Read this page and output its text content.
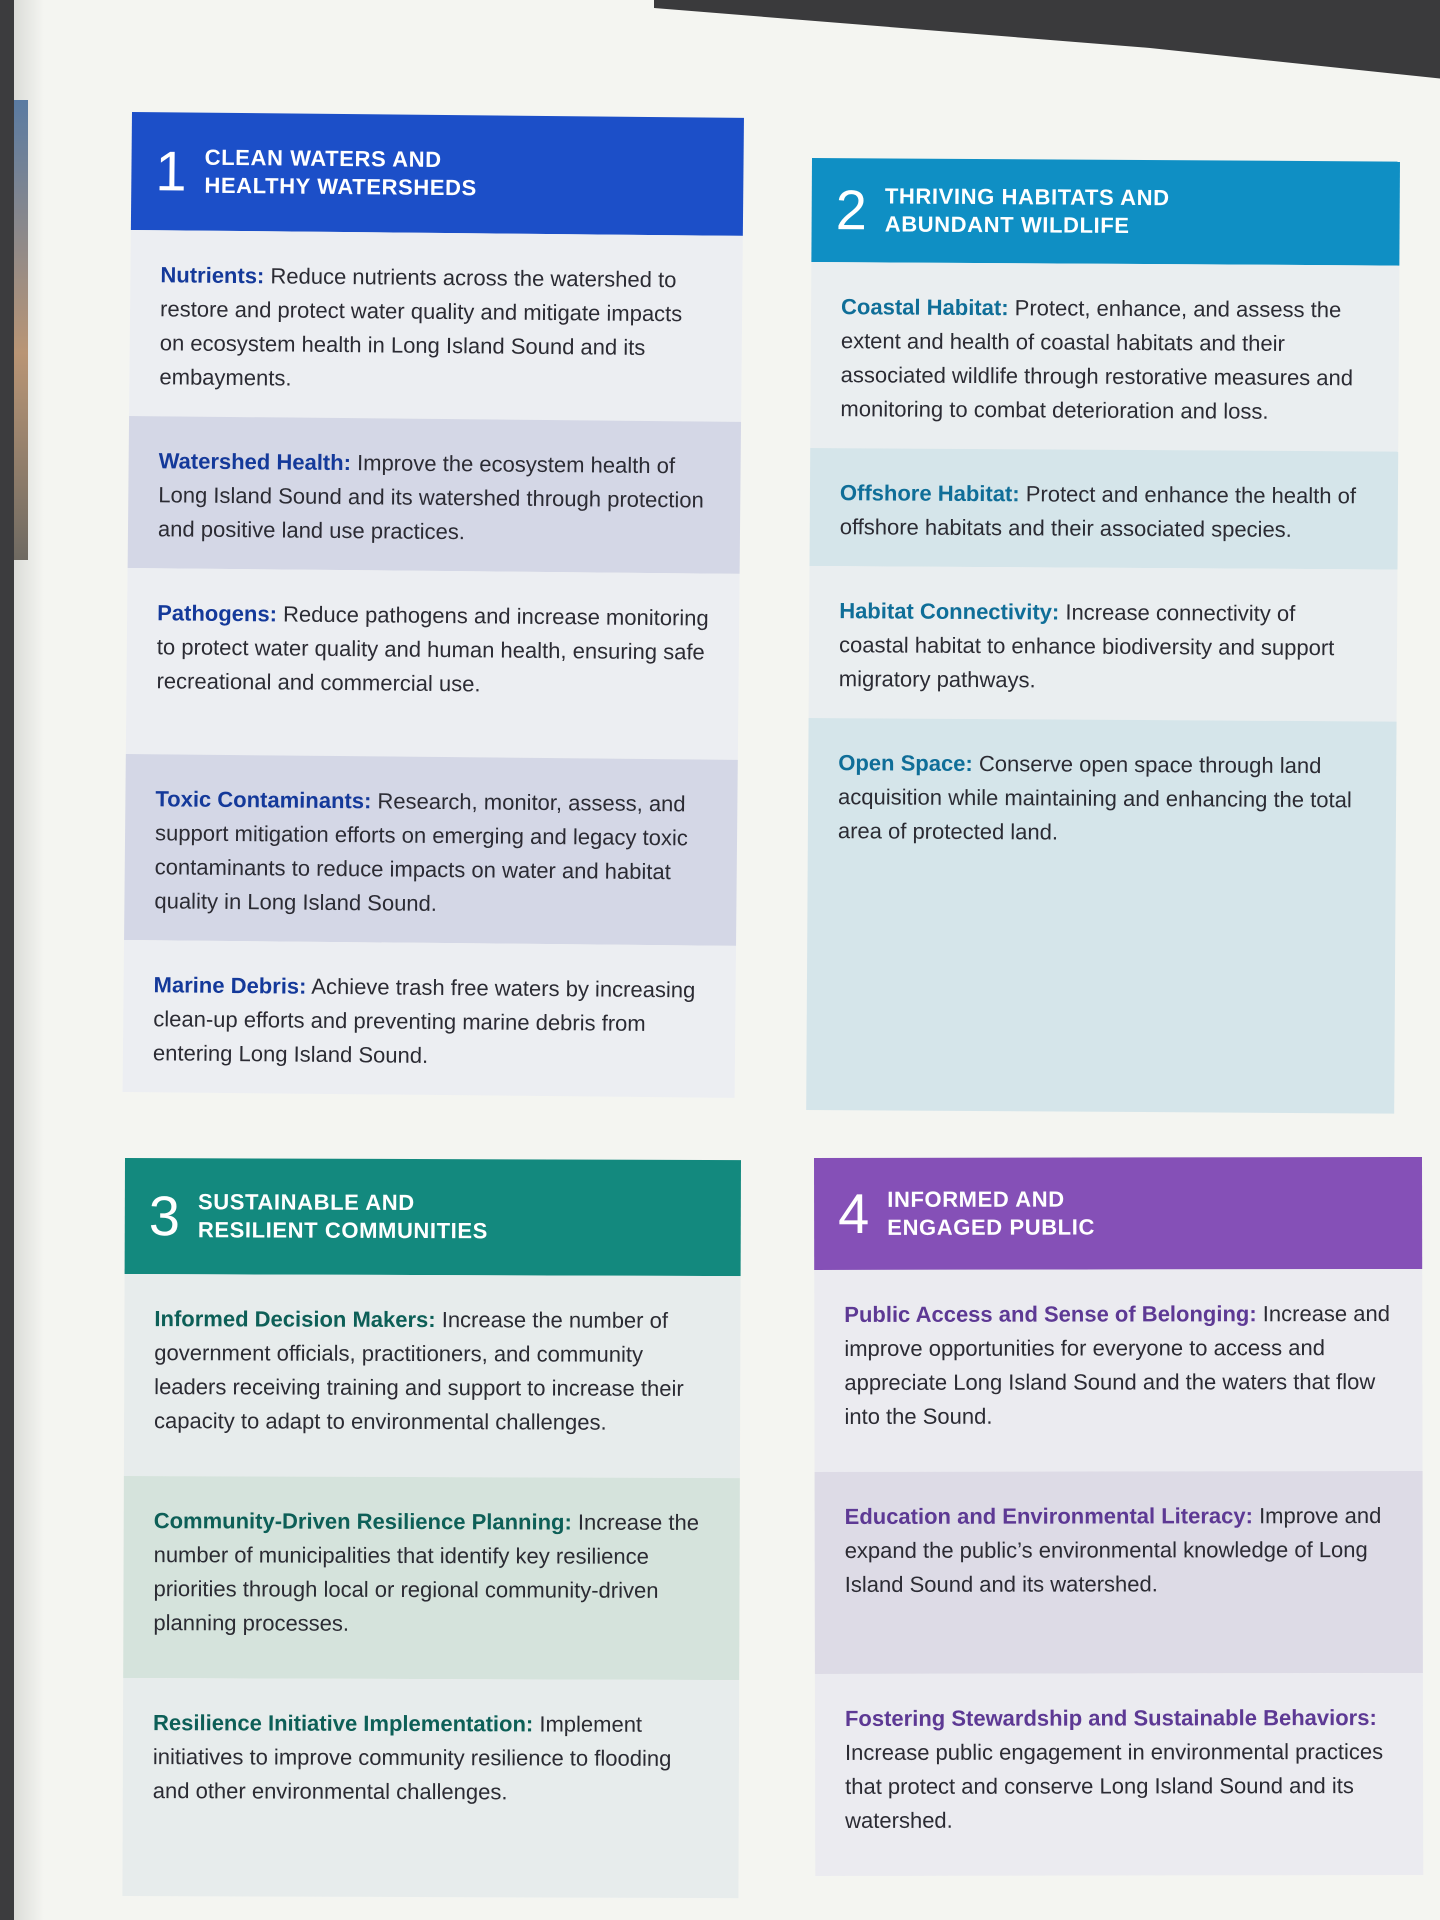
1 CLEAN WATERS AND
HEALTHY WATERSHEDS
Nutrients: Reduce nutrients across the watershed to restore and protect water quality and mitigate impacts on ecosystem health in Long Island Sound and its embayments.
Watershed Health: Improve the ecosystem health of Long Island Sound and its watershed through protection and positive land use practices.
Pathogens: Reduce pathogens and increase monitoring to protect water quality and human health, ensuring safe recreational and commercial use.
Toxic Contaminants: Research, monitor, assess, and support mitigation efforts on emerging and legacy toxic contaminants to reduce impacts on water and habitat quality in Long Island Sound.
Marine Debris: Achieve trash free waters by increasing clean-up efforts and preventing marine debris from entering Long Island Sound.
2 THRIVING HABITATS AND
ABUNDANT WILDLIFE
Coastal Habitat: Protect, enhance, and assess the extent and health of coastal habitats and their associated wildlife through restorative measures and monitoring to combat deterioration and loss.
Offshore Habitat: Protect and enhance the health of offshore habitats and their associated species.
Habitat Connectivity: Increase connectivity of coastal habitat to enhance biodiversity and support migratory pathways.
Open Space: Conserve open space through land acquisition while maintaining and enhancing the total area of protected land.
3 SUSTAINABLE AND
RESILIENT COMMUNITIES
Informed Decision Makers: Increase the number of government officials, practitioners, and community leaders receiving training and support to increase their capacity to adapt to environmental challenges.
Community-Driven Resilience Planning: Increase the number of municipalities that identify key resilience priorities through local or regional community-driven planning processes.
Resilience Initiative Implementation: Implement initiatives to improve community resilience to flooding and other environmental challenges.
4 INFORMED AND
ENGAGED PUBLIC
Public Access and Sense of Belonging: Increase and improve opportunities for everyone to access and appreciate Long Island Sound and the waters that flow into the Sound.
Education and Environmental Literacy: Improve and expand the public’s environmental knowledge of Long Island Sound and its watershed.
Fostering Stewardship and Sustainable Behaviors: Increase public engagement in environmental practices that protect and conserve Long Island Sound and its watershed.
